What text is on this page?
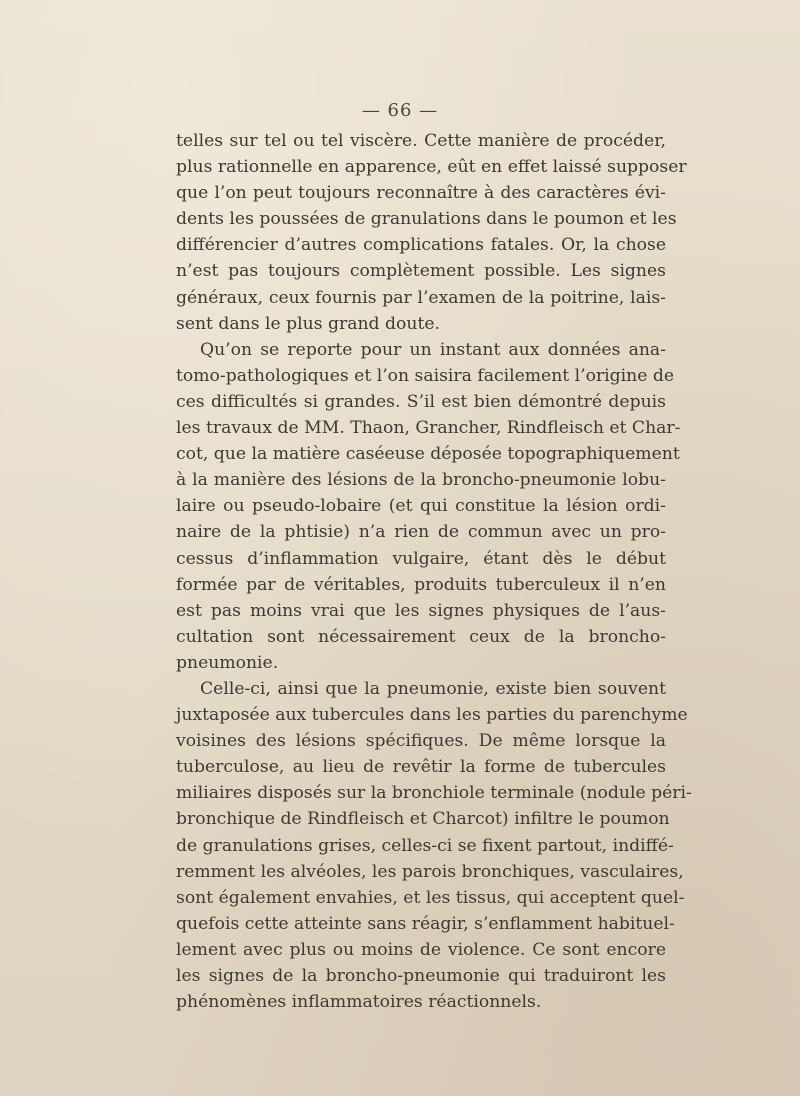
— 66 —
telles sur tel ou tel viscère. Cette manière de procéder,
plus rationnelle en apparence, eût en effet laissé supposer
que l’on peut toujours reconnaître à des caractères évi-
dents les poussées de granulations dans le poumon et les
différencier d’autres complications fatales. Or, la chose
n’est pas toujours complètement possible. Les signes
généraux, ceux fournis par l’examen de la poitrine, lais-
sent dans le plus grand doute.
Qu’on se reporte pour un instant aux données ana-
tomo-pathologiques et l’on saisira facilement l’origine de
ces difficultés si grandes. S’il est bien démontré depuis
les travaux de MM. Thaon, Grancher, Rindfleisch et Char-
cot, que la matière caséeuse déposée topographiquement
à la manière des lésions de la broncho-pneumonie lobu-
laire ou pseudo-lobaire (et qui constitue la lésion ordi-
naire de la phtisie) n’a rien de commun avec un pro-
cessus d’inflammation vulgaire, étant dès le début
formée par de véritables, produits tuberculeux il n’en
est pas moins vrai que les signes physiques de l’aus-
cultation sont nécessairement ceux de la broncho-
pneumonie.
Celle-ci, ainsi que la pneumonie, existe bien souvent
juxtaposée aux tubercules dans les parties du parenchyme
voisines des lésions spécifiques. De même lorsque la
tuberculose, au lieu de revêtir la forme de tubercules
miliaires disposés sur la bronchiole terminale (nodule péri-
bronchique de Rindfleisch et Charcot) infiltre le poumon
de granulations grises, celles-ci se fixent partout, indiffé-
remment les alvéoles, les parois bronchiques, vasculaires,
sont également envahies, et les tissus, qui acceptent quel-
quefois cette atteinte sans réagir, s’enflamment habituel-
lement avec plus ou moins de violence. Ce sont encore
les signes de la broncho-pneumonie qui traduiront les
phénomènes inflammatoires réactionnels.
